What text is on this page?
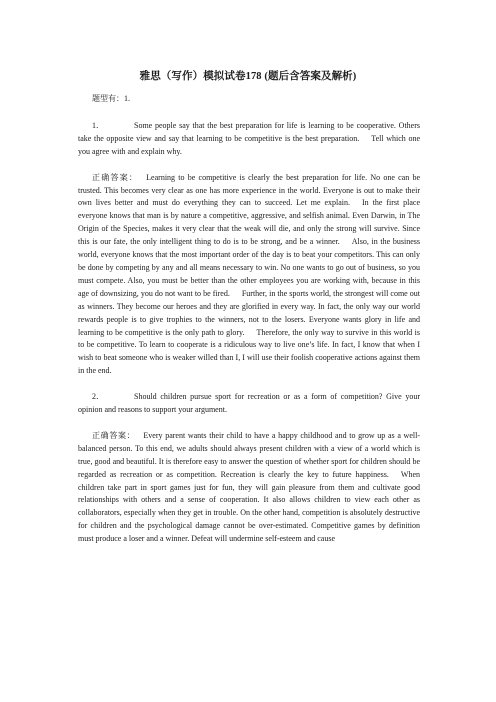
雅思（写作）模拟试卷178 (题后含答案及解析)

题型有：1.

1．	Some people say that the best preparation for life is learning to be cooperative. Others take the opposite view and say that learning to be competitive is the best preparation. Tell which one you agree with and explain why.

正确答案： Learning to be competitive is clearly the best preparation for life. No one can be trusted. This becomes very clear as one has more experience in the world. Everyone is out to make their own lives better and must do everything they can to succeed. Let me explain. In the first place everyone knows that man is by nature a competitive, aggressive, and selfish animal. Even Darwin, in The Origin of the Species, makes it very clear that the weak will die, and only the strong will survive. Since this is our fate, the only intelligent thing to do is to be strong, and be a winner. Also, in the business world, everyone knows that the most important order of the day is to beat your competitors. This can only be done by competing by any and all means necessary to win. No one wants to go out of business, so you must compete. Also, you must be better than the other employees you are working with, because in this age of downsizing, you do not want to be fired. Further, in the sports world, the strongest will come out as winners. They become our heroes and they are glorified in every way. In fact, the only way our world rewards people is to give trophies to the winners, not to the losers. Everyone wants glory in life and learning to be competitive is the only path to glory. Therefore, the only way to survive in this world is to be competitive. To learn to cooperate is a ridiculous way to live one’s life. In fact, I know that when I wish to beat someone who is weaker willed than I, I will use their foolish cooperative actions against them in the end.

2．	Should children pursue sport for recreation or as a form of competition? Give your opinion and reasons to support your argument.

正确答案： Every parent wants their child to have a happy childhood and to grow up as a well-balanced person. To this end, we adults should always present children with a view of a world which is true, good and beautiful. It is therefore easy to answer the question of whether sport for children should be regarded as recreation or as competition. Recreation is clearly the key to future happiness. When children take part in sport games just for fun, they will gain pleasure from them and cultivate good relationships with others and a sense of cooperation. It also allows children to view each other as collaborators, especially when they get in trouble. On the other hand, competition is absolutely destructive for children and the psychological damage cannot be over-estimated. Competitive games by definition must produce a loser and a winner. Defeat will undermine self-esteem and cause
